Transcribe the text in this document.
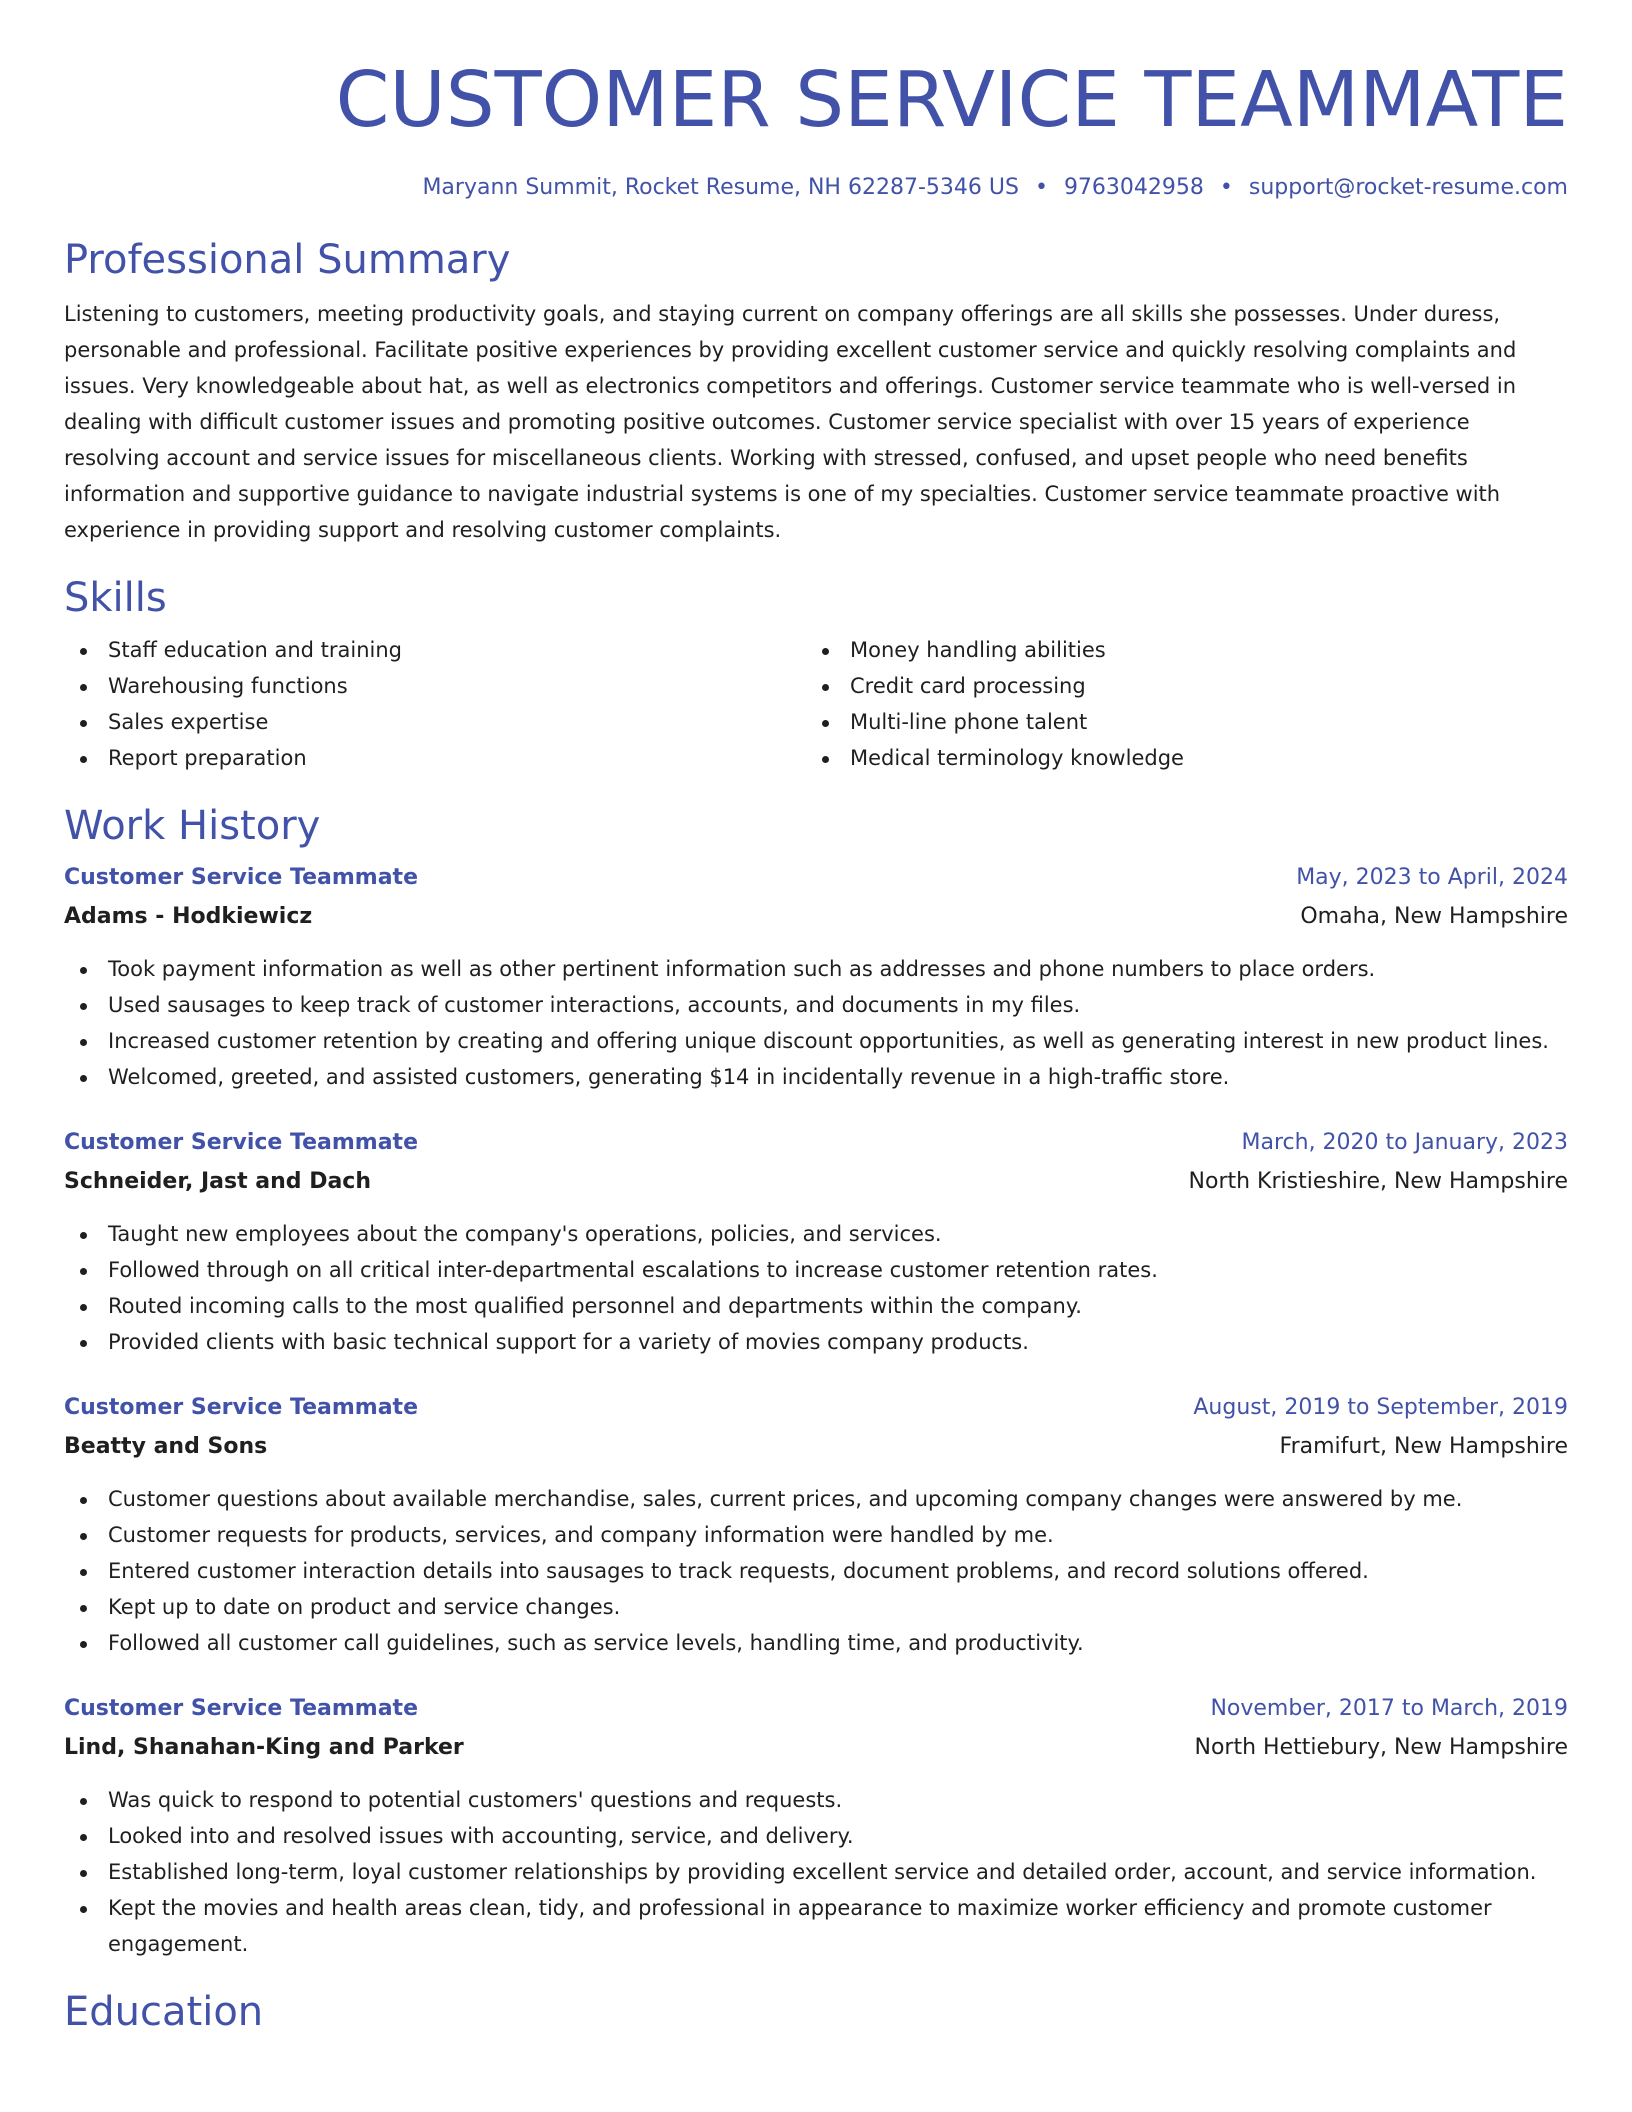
CUSTOMER SERVICE TEAMMATE
Maryann Summit, Rocket Resume, NH 62287-5346 US • 9763042958 • support@rocket-resume.com
Professional Summary
Listening to customers, meeting productivity goals, and staying current on company offerings are all skills she possesses. Under duress, personable and professional. Facilitate positive experiences by providing excellent customer service and quickly resolving complaints and issues. Very knowledgeable about hat, as well as electronics competitors and offerings. Customer service teammate who is well-versed in dealing with difficult customer issues and promoting positive outcomes. Customer service specialist with over 15 years of experience resolving account and service issues for miscellaneous clients. Working with stressed, confused, and upset people who need benefits information and supportive guidance to navigate industrial systems is one of my specialties. Customer service teammate proactive with experience in providing support and resolving customer complaints.
Skills
Staff education and training
Warehousing functions
Sales expertise
Report preparation
Money handling abilities
Credit card processing
Multi-line phone talent
Medical terminology knowledge
Work History
Customer Service Teammate	May, 2023 to April, 2024
Adams - Hodkiewicz	Omaha, New Hampshire
Took payment information as well as other pertinent information such as addresses and phone numbers to place orders.
Used sausages to keep track of customer interactions, accounts, and documents in my files.
Increased customer retention by creating and offering unique discount opportunities, as well as generating interest in new product lines.
Welcomed, greeted, and assisted customers, generating $14 in incidentally revenue in a high-traffic store.
Customer Service Teammate	March, 2020 to January, 2023
Schneider, Jast and Dach	North Kristieshire, New Hampshire
Taught new employees about the company's operations, policies, and services.
Followed through on all critical inter-departmental escalations to increase customer retention rates.
Routed incoming calls to the most qualified personnel and departments within the company.
Provided clients with basic technical support for a variety of movies company products.
Customer Service Teammate	August, 2019 to September, 2019
Beatty and Sons	Framifurt, New Hampshire
Customer questions about available merchandise, sales, current prices, and upcoming company changes were answered by me.
Customer requests for products, services, and company information were handled by me.
Entered customer interaction details into sausages to track requests, document problems, and record solutions offered.
Kept up to date on product and service changes.
Followed all customer call guidelines, such as service levels, handling time, and productivity.
Customer Service Teammate	November, 2017 to March, 2019
Lind, Shanahan-King and Parker	North Hettiebury, New Hampshire
Was quick to respond to potential customers' questions and requests.
Looked into and resolved issues with accounting, service, and delivery.
Established long-term, loyal customer relationships by providing excellent service and detailed order, account, and service information.
Kept the movies and health areas clean, tidy, and professional in appearance to maximize worker efficiency and promote customer engagement.
Education
